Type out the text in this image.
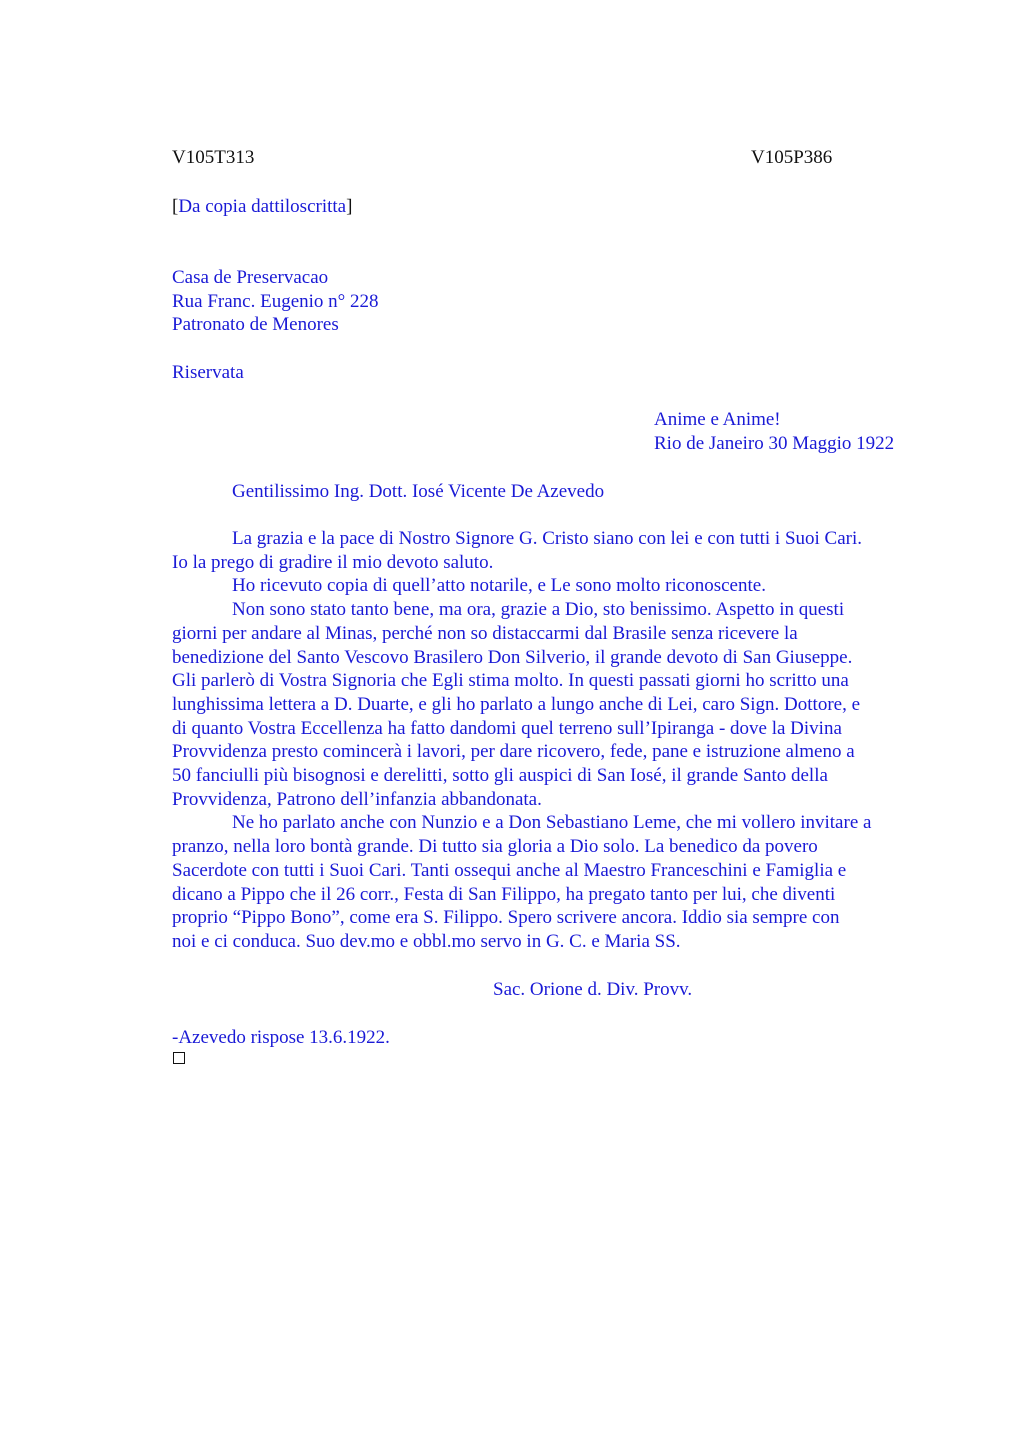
V105T313	V105P386
[Da copia dattiloscritta]
Casa de Preservacao
Rua Franc. Eugenio n° 228
Patronato de Menores
Riservata
Anime e Anime!
Rio de Janeiro 30 Maggio 1922
Gentilissimo Ing. Dott. Iosé Vicente De Azevedo
La grazia e la pace di Nostro Signore G. Cristo siano con lei e con tutti i Suoi Cari.
Io la prego di gradire il mio devoto saluto.
Ho ricevuto copia di quell’atto notarile, e Le sono molto riconoscente.
Non sono stato tanto bene, ma ora, grazie a Dio, sto benissimo. Aspetto in questi
giorni per andare al Minas, perché non so distaccarmi dal Brasile senza ricevere la
benedizione del Santo Vescovo Brasilero Don Silverio, il grande devoto di San Giuseppe.
Gli parlerò di Vostra Signoria che Egli stima molto. In questi passati giorni ho scritto una
lunghissima lettera a D. Duarte, e gli ho parlato a lungo anche di Lei, caro Sign. Dottore, e
di quanto Vostra Eccellenza ha fatto dandomi quel terreno sull’Ipiranga - dove la Divina
Provvidenza presto comincerà i lavori, per dare ricovero, fede, pane e istruzione almeno a
50 fanciulli più bisognosi e derelitti, sotto gli auspici di San Iosé, il grande Santo della
Provvidenza, Patrono dell’infanzia abbandonata.
Ne ho parlato anche con Nunzio e a Don Sebastiano Leme, che mi vollero invitare a
pranzo, nella loro bontà grande. Di tutto sia gloria a Dio solo. La benedico da povero
Sacerdote con tutti i Suoi Cari. Tanti ossequi anche al Maestro Franceschini e Famiglia e
dicano a Pippo che il 26 corr., Festa di San Filippo, ha pregato tanto per lui, che diventi
proprio “Pippo Bono”, come era S. Filippo. Spero scrivere ancora. Iddio sia sempre con
noi e ci conduca. Suo dev.mo e obbl.mo servo in G. C. e Maria SS.
Sac. Orione d. Div. Provv.
-Azevedo rispose 13.6.1922.
